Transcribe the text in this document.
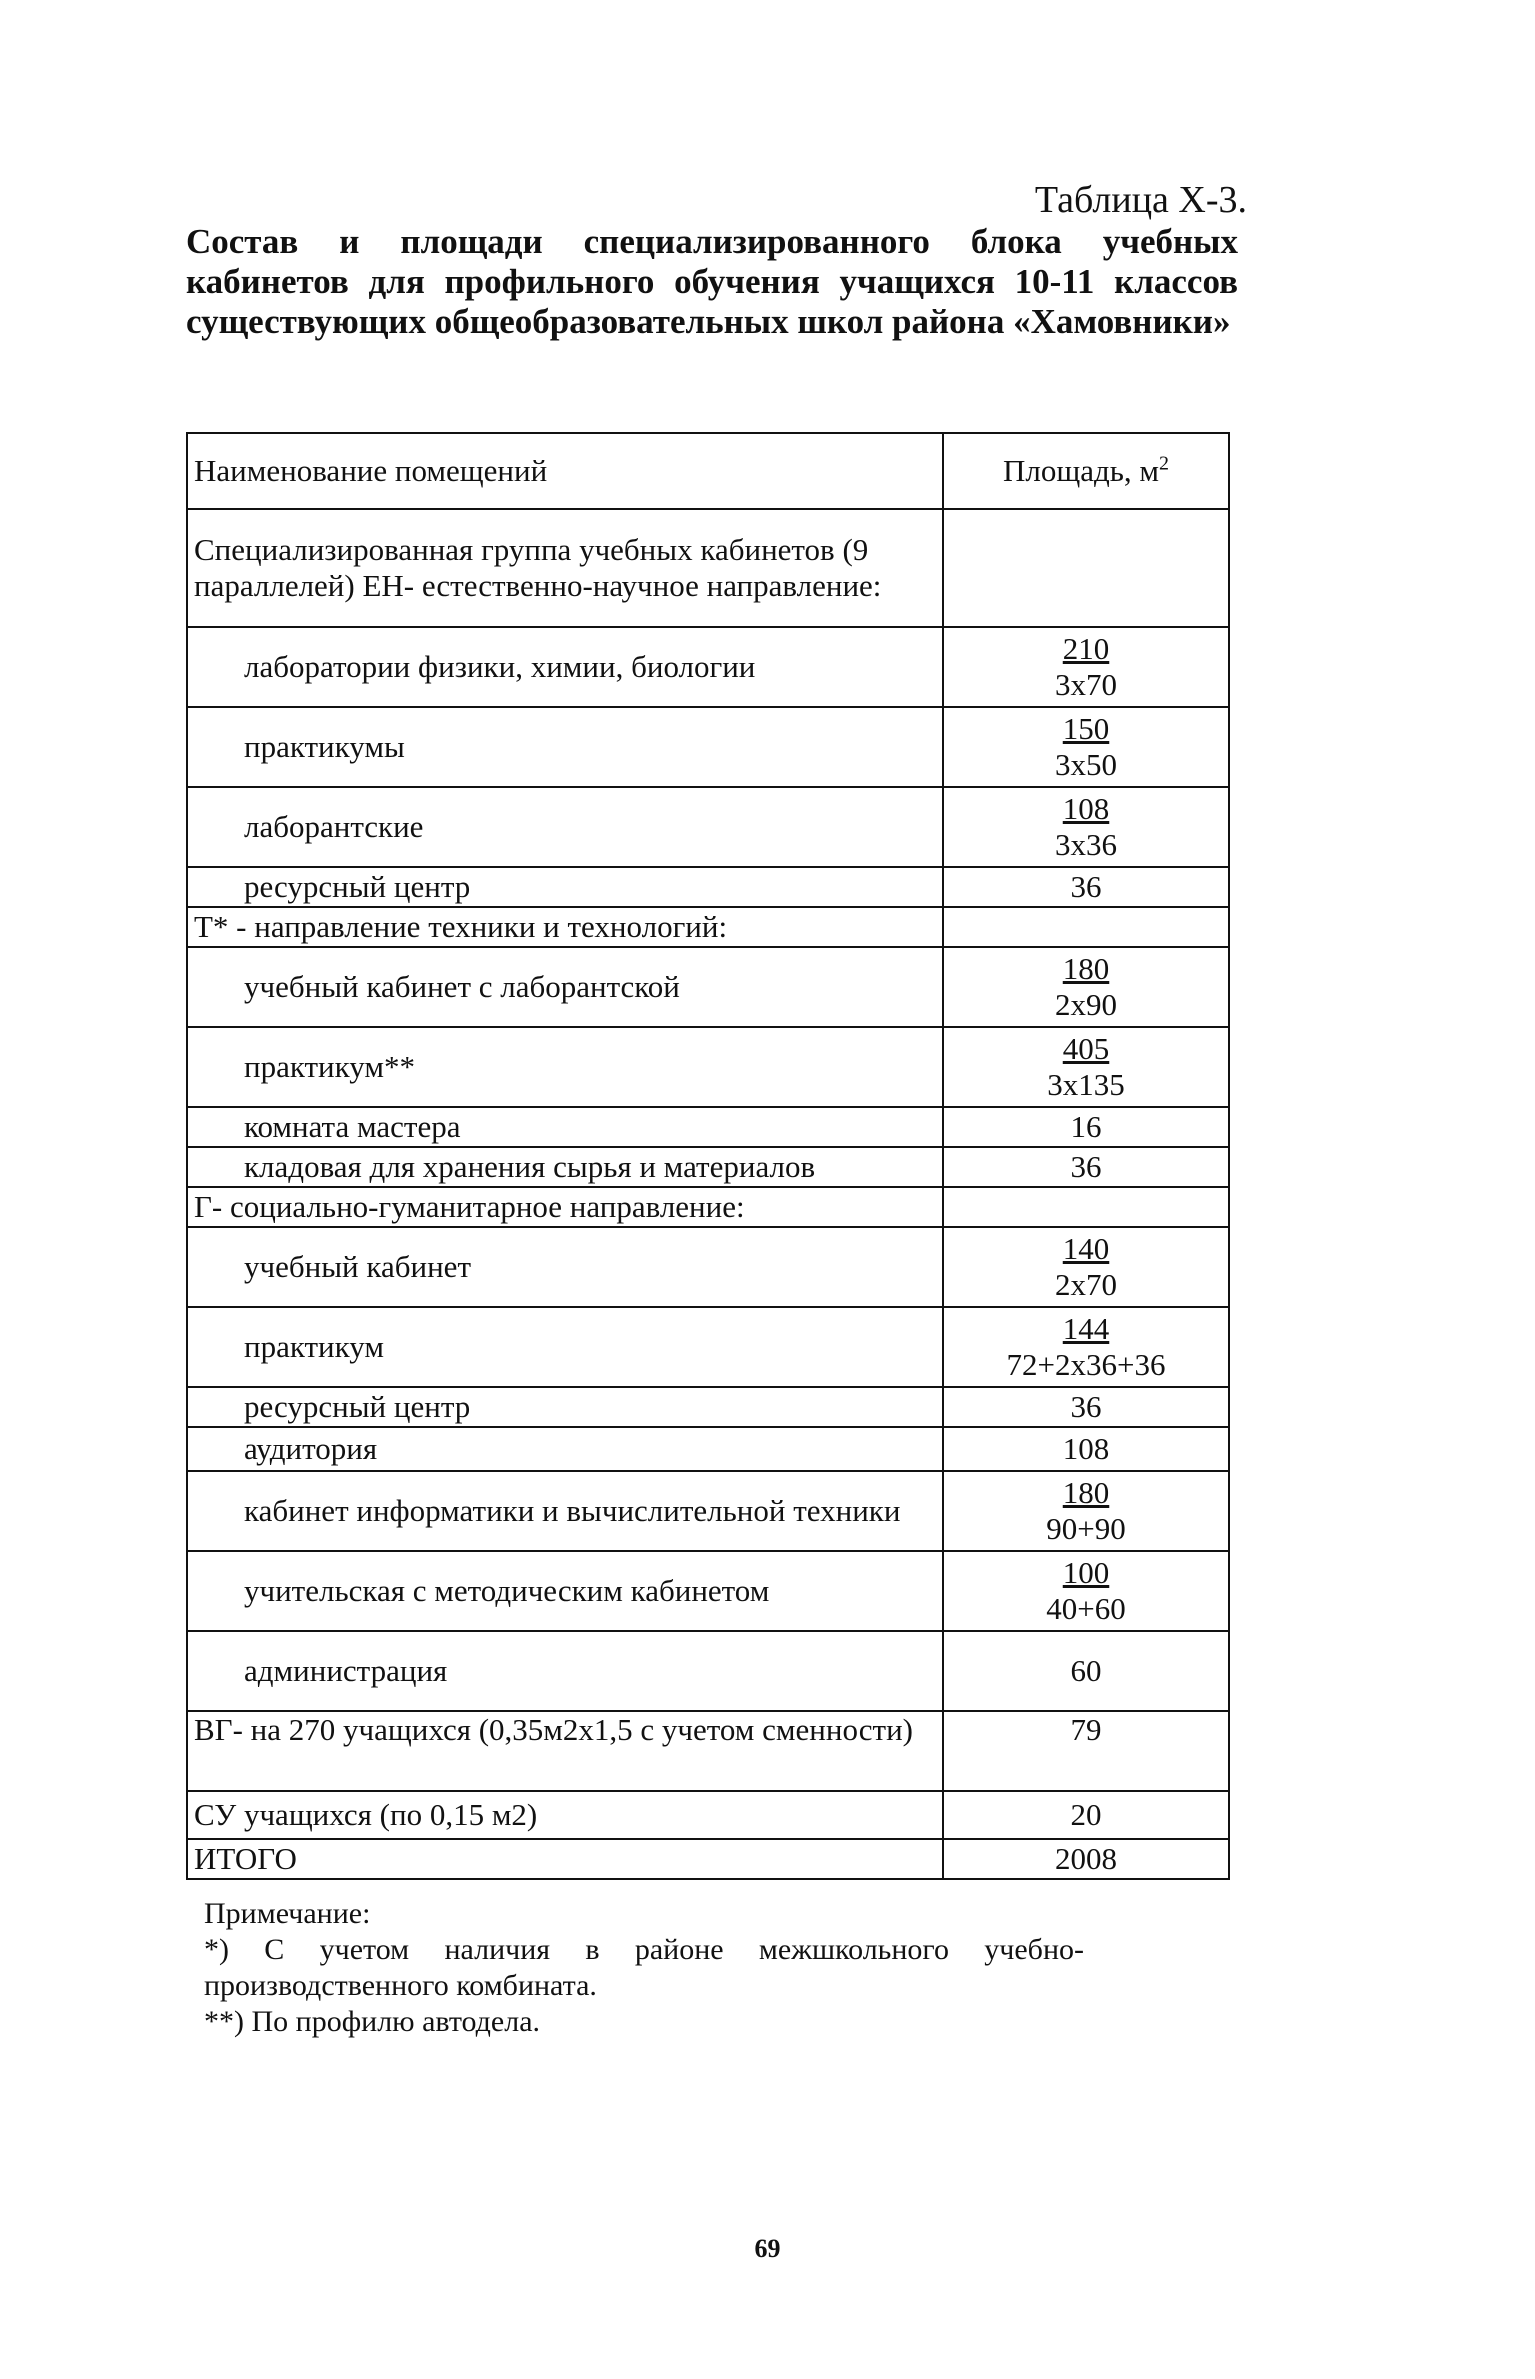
Таблица X-3.
Состав и площади специализированного блока учебных кабинетов для профильного обучения учащихся 10-11 классов существующих общеобразовательных школ района «Хамовники»
Наименование помещений	Площадь, $м^2$
Специализированная группа учебных кабинетов (9 параллелей) ЕН- естественно-научное направление:	
лаборатории физики, химии, биологии	210
3x70

практикумы	150
3x50

лаборантские	108
3x36

ресурсный центр	36
Т* - направление техники и технологий:	
учебный кабинет с лаборантской	180
2x90

практикум**	405
3x135

комната мастера	16
кладовая для хранения сырья и материалов	36
Г- социально-гуманитарное направление:	
учебный кабинет	140
2x70

практикум	144
72+2x36+36

ресурсный центр	36
аудитория	108
кабинет информатики и вычислительной техники	180
90+90

учительская с методическим кабинетом	100
40+60

администрация	60
ВГ- на 270 учащихся (0,35м2x1,5 с учетом сменности)	79
СУ учащихся (по 0,15 м2)	20
ИТОГО	2008

Примечание:

*) С учетом наличия в районе межшкольного учебно-

производственного комбината.

**) По профилю автодела.

69
